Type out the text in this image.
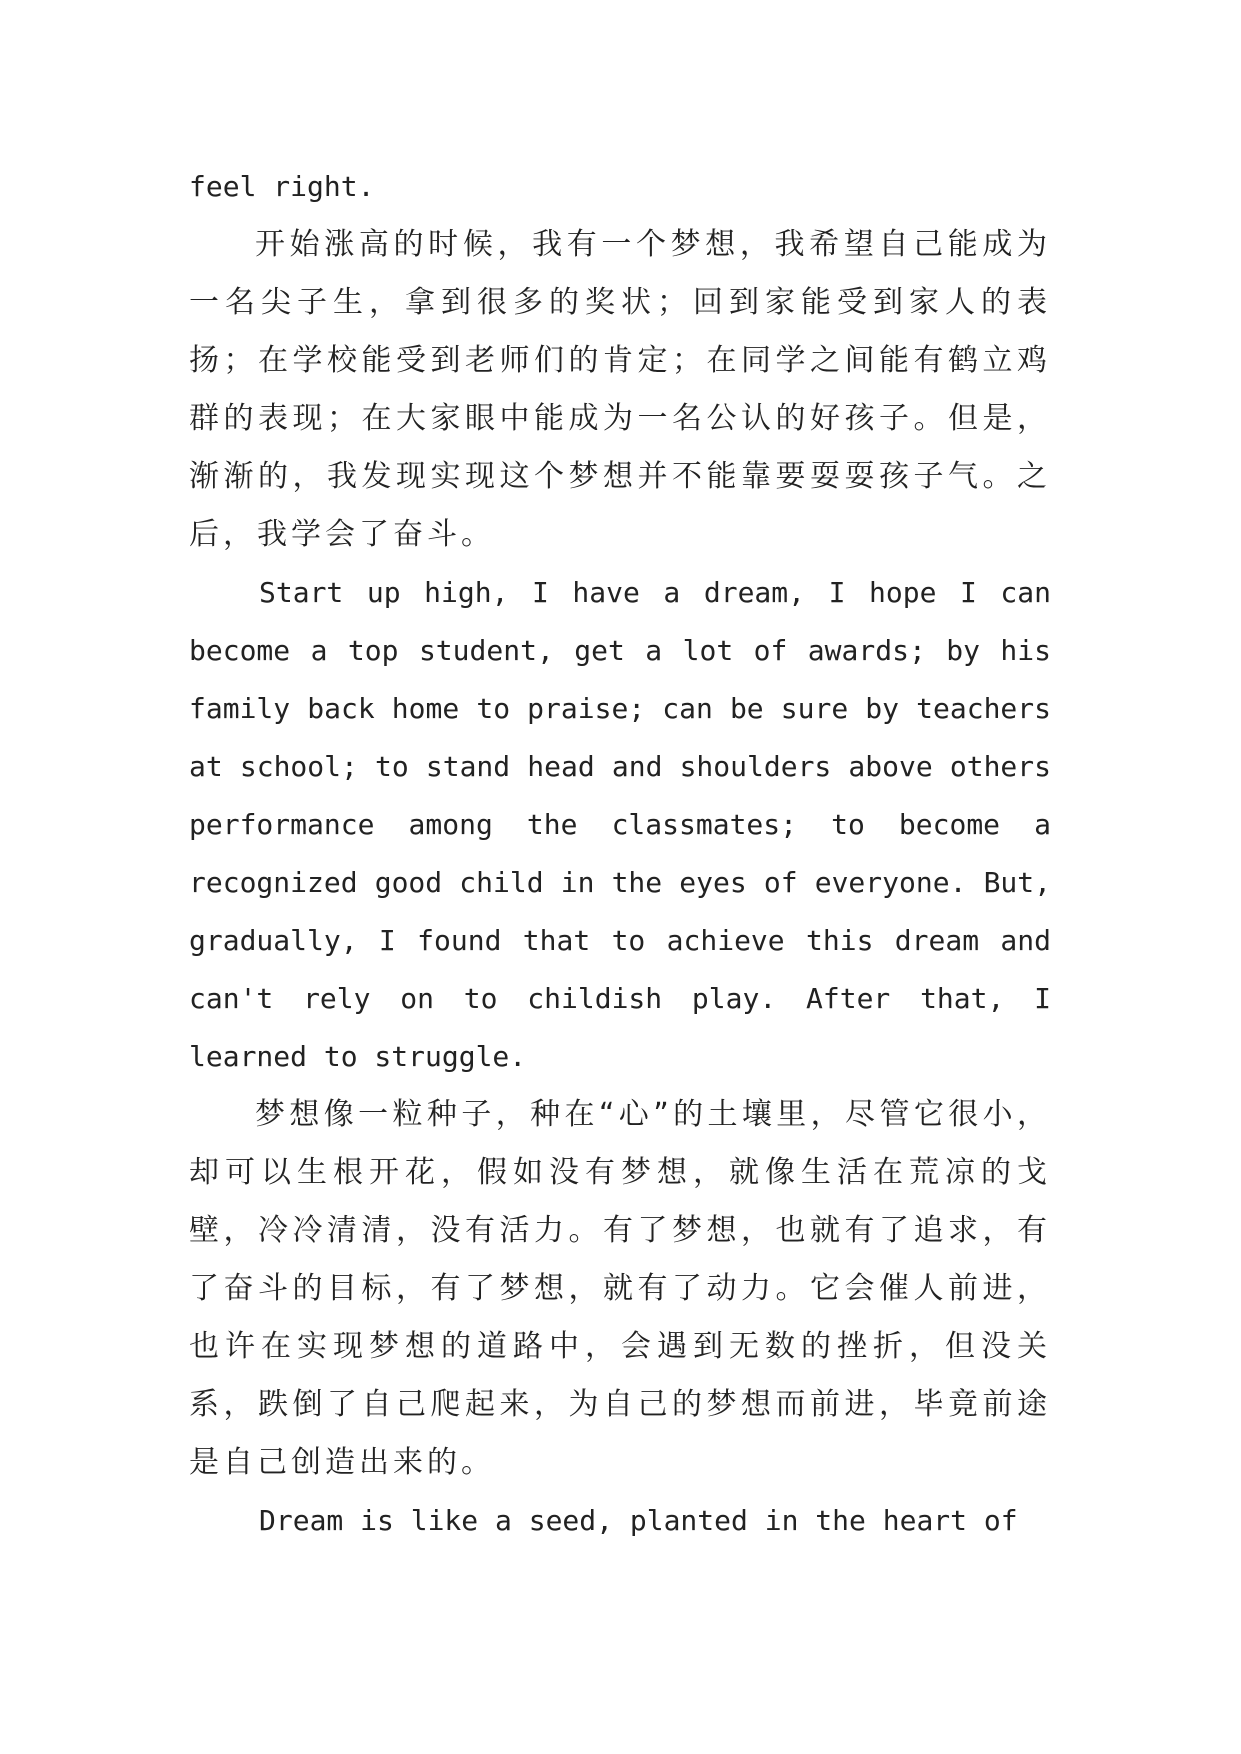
feel right.

开始涨高的时候，我有一个梦想，我希望自己能成为一名尖子生，拿到很多的奖状；回到家能受到家人的表扬；在学校能受到老师们的肯定；在同学之间能有鹤立鸡群的表现；在大家眼中能成为一名公认的好孩子。但是，渐渐的，我发现实现这个梦想并不能靠要耍耍孩子气。之后，我学会了奋斗。

Start up high, I have a dream, I hope I can become a top student, get a lot of awards; by his family back home to praise; can be sure by teachers at school; to stand head and shoulders above others performance among the classmates; to become a recognized good child in the eyes of everyone. But, gradually, I found that to achieve this dream and can't rely on to childish play. After that, I learned to struggle.

梦想像一粒种子，种在“心”的土壤里，尽管它很小，却可以生根开花，假如没有梦想，就像生活在荒凉的戈壁，冷冷清清，没有活力。有了梦想，也就有了追求，有了奋斗的目标，有了梦想，就有了动力。它会催人前进，也许在实现梦想的道路中，会遇到无数的挫折，但没关系，跌倒了自己爬起来，为自己的梦想而前进，毕竟前途是自己创造出来的。

Dream is like a seed, planted in the heart of
